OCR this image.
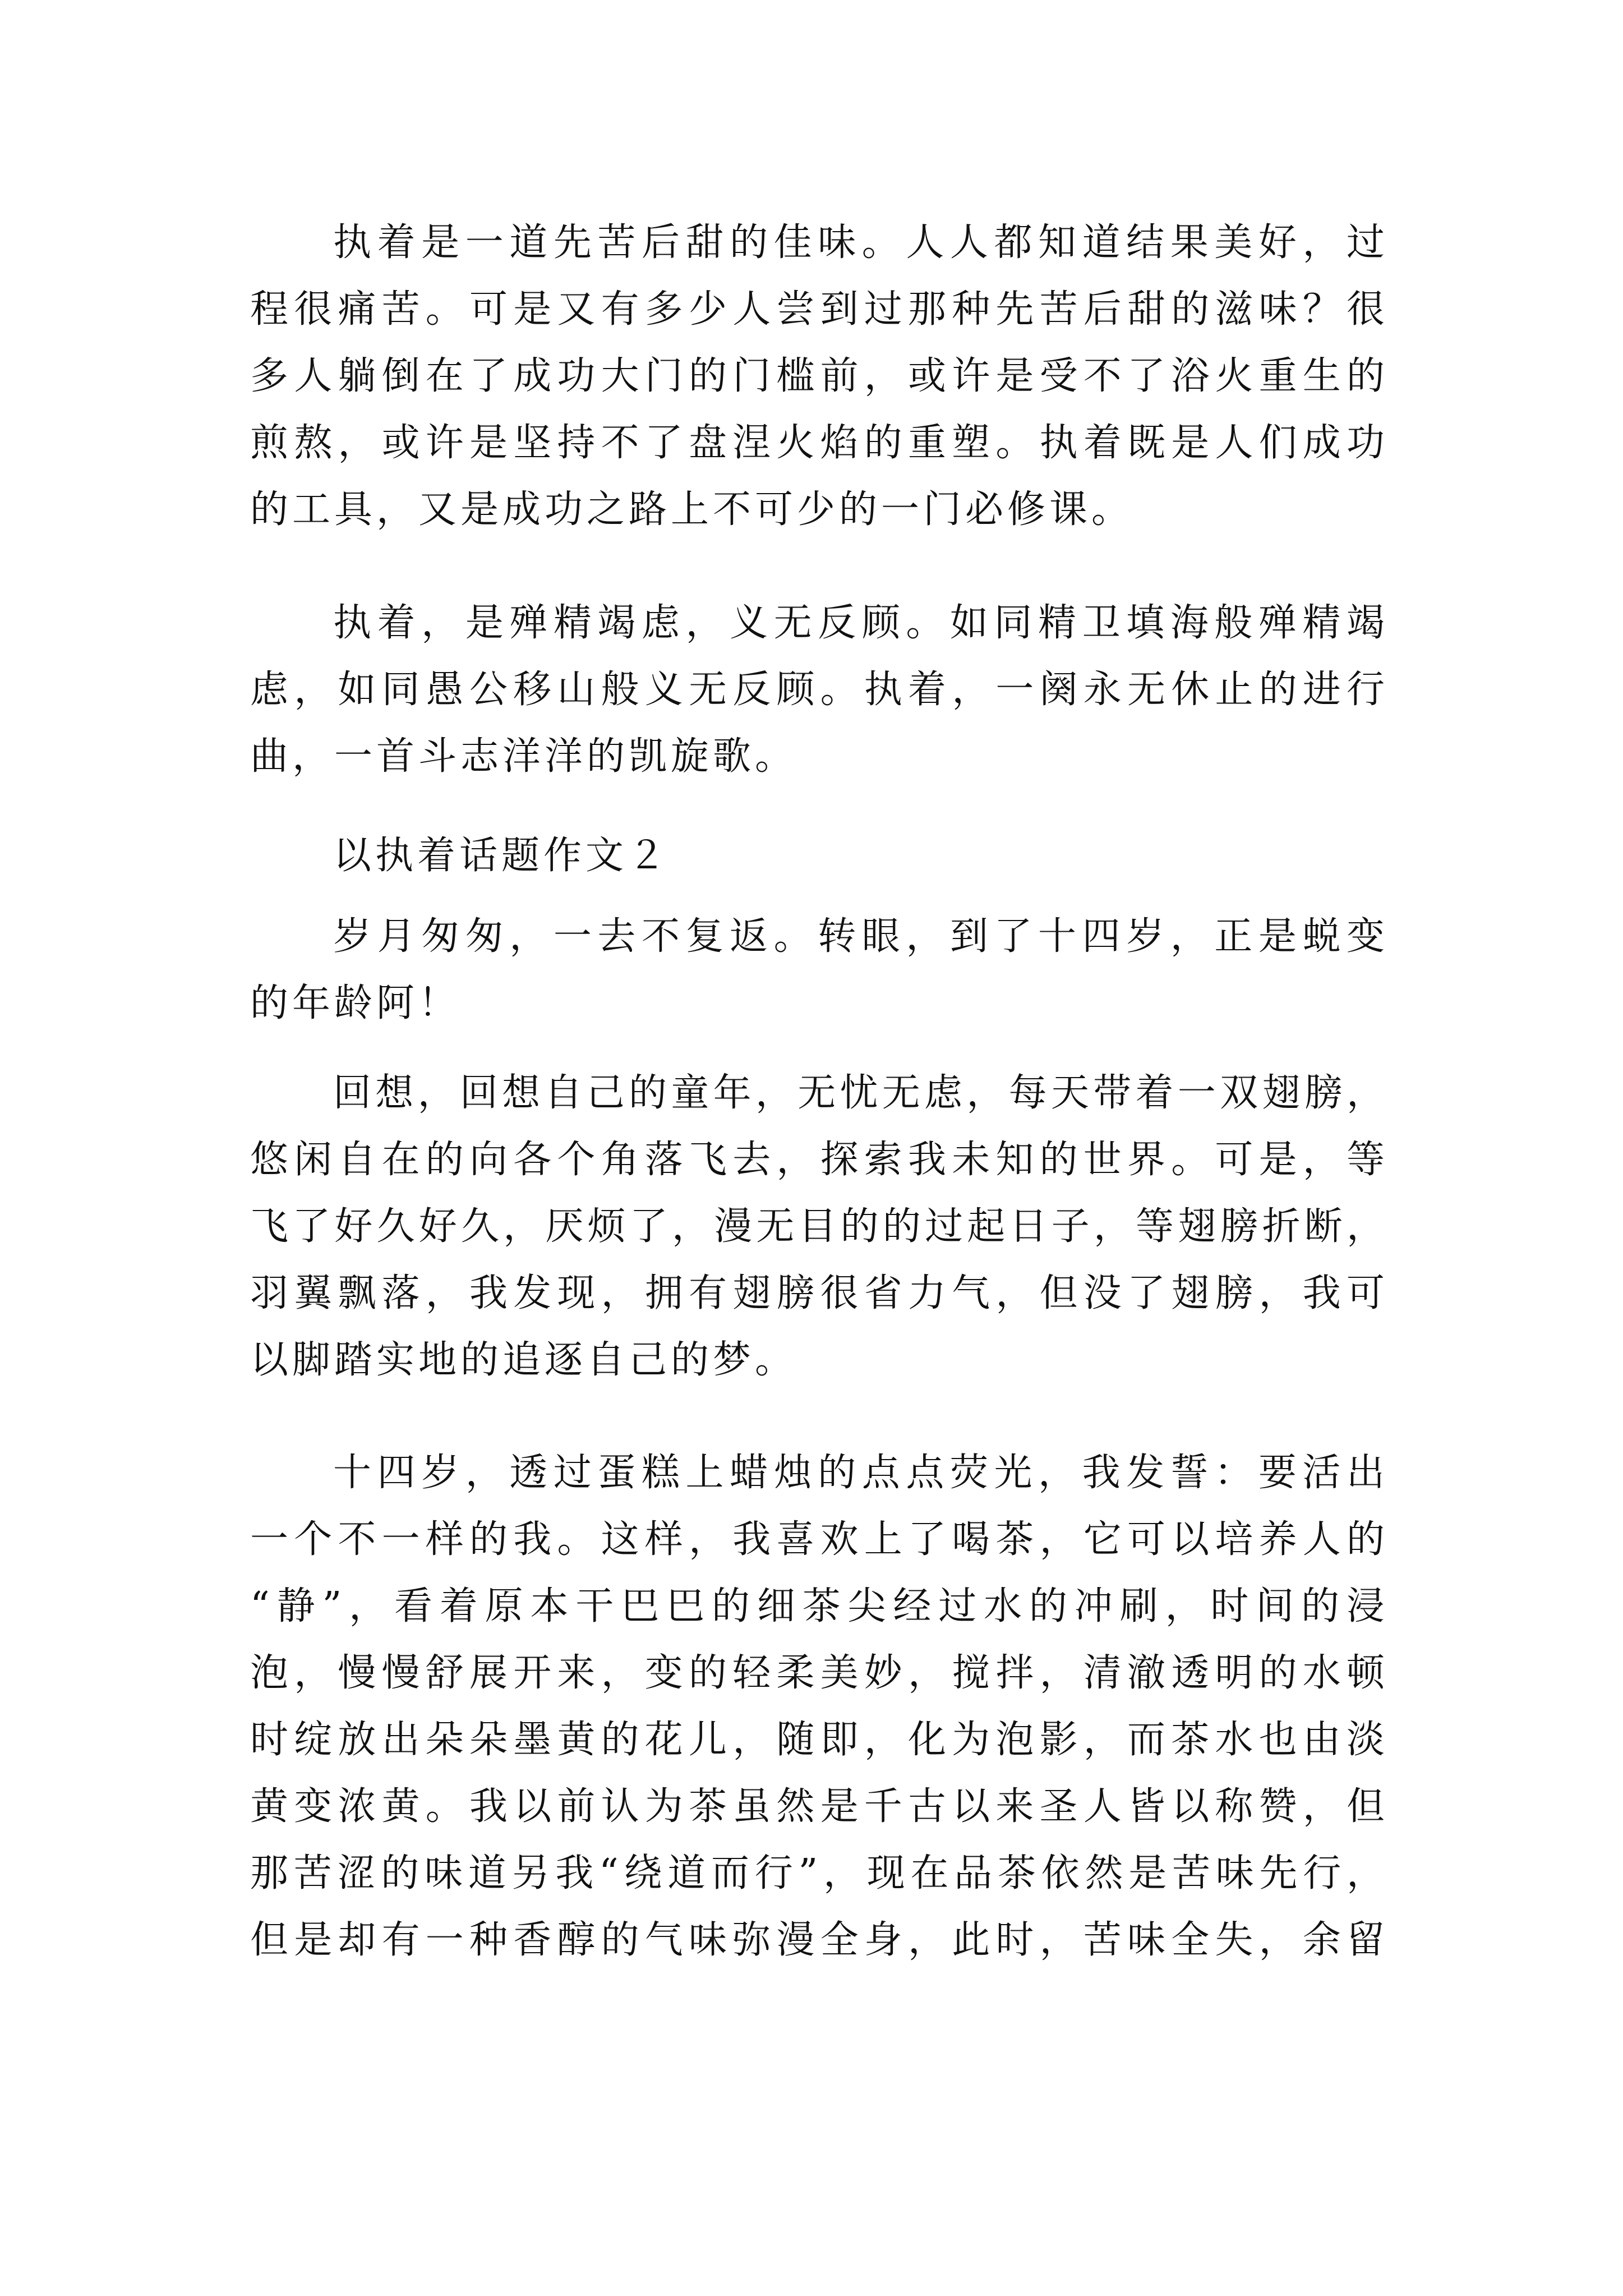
执着是一道先苦后甜的佳味。人人都知道结果美好，过
程很痛苦。可是又有多少人尝到过那种先苦后甜的滋味？很
多人躺倒在了成功大门的门槛前，或许是受不了浴火重生的
煎熬，或许是坚持不了盘涅火焰的重塑。执着既是人们成功
的工具，又是成功之路上不可少的一门必修课。
执着，是殚精竭虑，义无反顾。如同精卫填海般殚精竭
虑，如同愚公移山般义无反顾。执着，一阕永无休止的进行
曲，一首斗志洋洋的凯旋歌。
以执着话题作文２
岁月匆匆，一去不复返。转眼，到了十四岁，正是蜕变
的年龄阿！
回想，回想自己的童年，无忧无虑，每天带着一双翅膀，
悠闲自在的向各个角落飞去，探索我未知的世界。可是，等
飞了好久好久，厌烦了，漫无目的的过起日子，等翅膀折断，
羽翼飘落，我发现，拥有翅膀很省力气，但没了翅膀，我可
以脚踏实地的追逐自己的梦。
十四岁，透过蛋糕上蜡烛的点点荧光，我发誓：要活出
一个不一样的我。这样，我喜欢上了喝茶，它可以培养人的
“静”，看着原本干巴巴的细茶尖经过水的冲刷，时间的浸
泡，慢慢舒展开来，变的轻柔美妙，搅拌，清澈透明的水顿
时绽放出朵朵墨黄的花儿，随即，化为泡影，而茶水也由淡
黄变浓黄。我以前认为茶虽然是千古以来圣人皆以称赞，但
那苦涩的味道另我“绕道而行”，现在品茶依然是苦味先行，
但是却有一种香醇的气味弥漫全身，此时，苦味全失，余留
